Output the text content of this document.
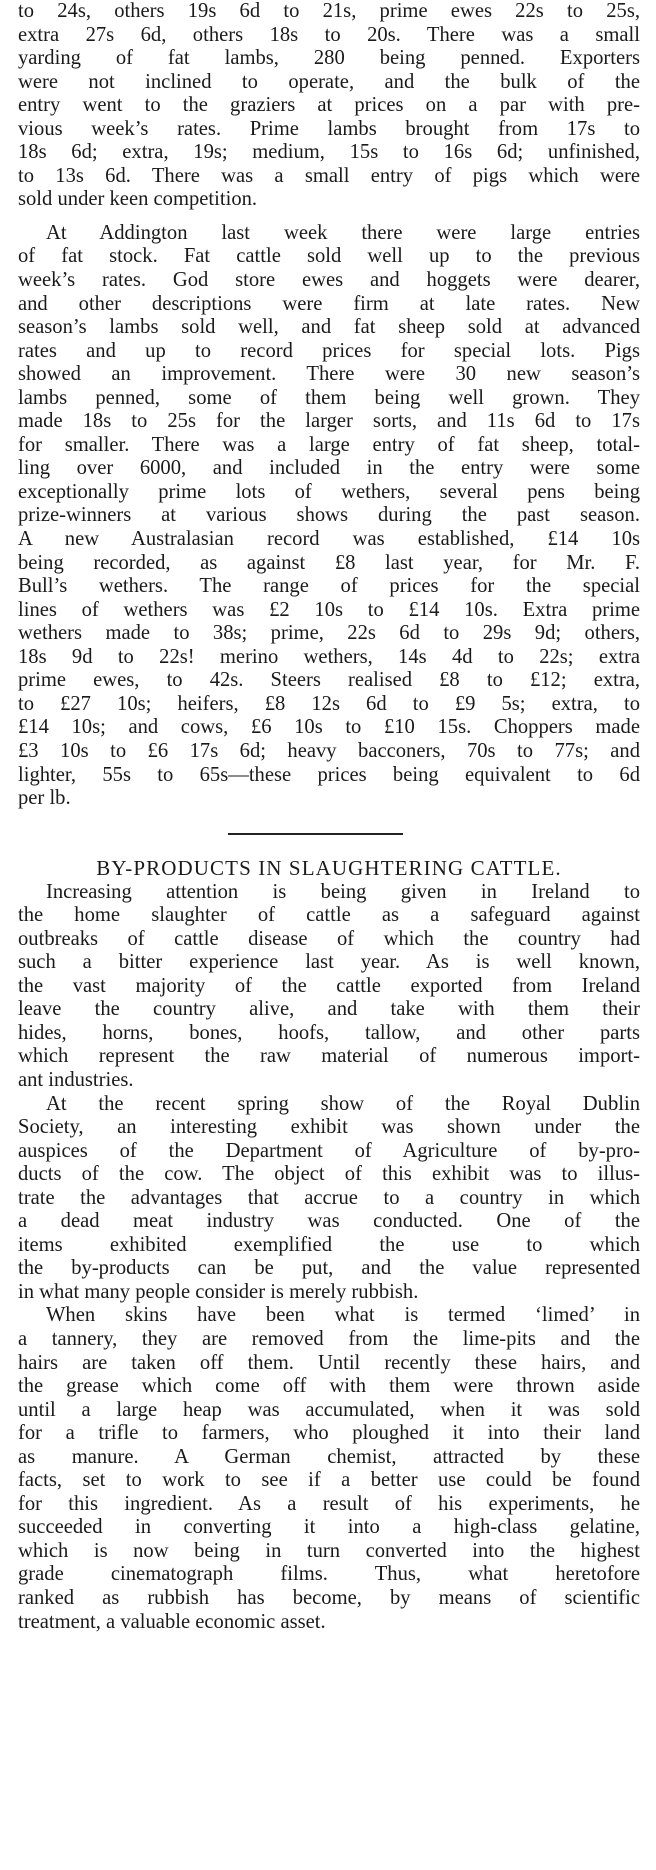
to 24s, others 19s 6d to 21s, prime ewes 22s to 25s,
extra 27s 6d, others 18s to 20s. There was a small
yarding of fat lambs, 280 being penned. Exporters
were not inclined to operate, and the bulk of the
entry went to the graziers at prices on a par with pre-
vious week’s rates. Prime lambs brought from 17s to
18s 6d; extra, 19s; medium, 15s to 16s 6d; unfinished,
to 13s 6d. There was a small entry of pigs which were
sold under keen competition.
At Addington last week there were large entries
of fat stock. Fat cattle sold well up to the previous
week’s rates. God store ewes and hoggets were dearer,
and other descriptions were firm at late rates. New
season’s lambs sold well, and fat sheep sold at advanced
rates and up to record prices for special lots. Pigs
showed an improvement. There were 30 new season’s
lambs penned, some of them being well grown. They
made 18s to 25s for the larger sorts, and 11s 6d to 17s
for smaller. There was a large entry of fat sheep, total-
ling over 6000, and included in the entry were some
exceptionally prime lots of wethers, several pens being
prize-winners at various shows during the past season.
A new Australasian record was established, £14 10s
being recorded, as against £8 last year, for Mr. F.
Bull’s wethers. The range of prices for the special
lines of wethers was £2 10s to £14 10s. Extra prime
wethers made to 38s; prime, 22s 6d to 29s 9d; others,
18s 9d to 22s! merino wethers, 14s 4d to 22s; extra
prime ewes, to 42s. Steers realised £8 to £12; extra,
to £27 10s; heifers, £8 12s 6d to £9 5s; extra, to
£14 10s; and cows, £6 10s to £10 15s. Choppers made
£3 10s to £6 17s 6d; heavy bacconers, 70s to 77s; and
lighter, 55s to 65s—these prices being equivalent to 6d
per lb.
BY-PRODUCTS IN SLAUGHTERING CATTLE.
Increasing attention is being given in Ireland to
the home slaughter of cattle as a safeguard against
outbreaks of cattle disease of which the country had
such a bitter experience last year. As is well known,
the vast majority of the cattle exported from Ireland
leave the country alive, and take with them their
hides, horns, bones, hoofs, tallow, and other parts
which represent the raw material of numerous import-
ant industries.
At the recent spring show of the Royal Dublin
Society, an interesting exhibit was shown under the
auspices of the Department of Agriculture of by-pro-
ducts of the cow. The object of this exhibit was to illus-
trate the advantages that accrue to a country in which
a dead meat industry was conducted. One of the
items exhibited exemplified the use to which
the by-products can be put, and the value represented
in what many people consider is merely rubbish.
When skins have been what is termed ‘limed’ in
a tannery, they are removed from the lime-pits and the
hairs are taken off them. Until recently these hairs, and
the grease which come off with them were thrown aside
until a large heap was accumulated, when it was sold
for a trifle to farmers, who ploughed it into their land
as manure. A German chemist, attracted by these
facts, set to work to see if a better use could be found
for this ingredient. As a result of his experiments, he
succeeded in converting it into a high-class gelatine,
which is now being in turn converted into the highest
grade cinematograph films. Thus, what heretofore
ranked as rubbish has become, by means of scientific
treatment, a valuable economic asset.
